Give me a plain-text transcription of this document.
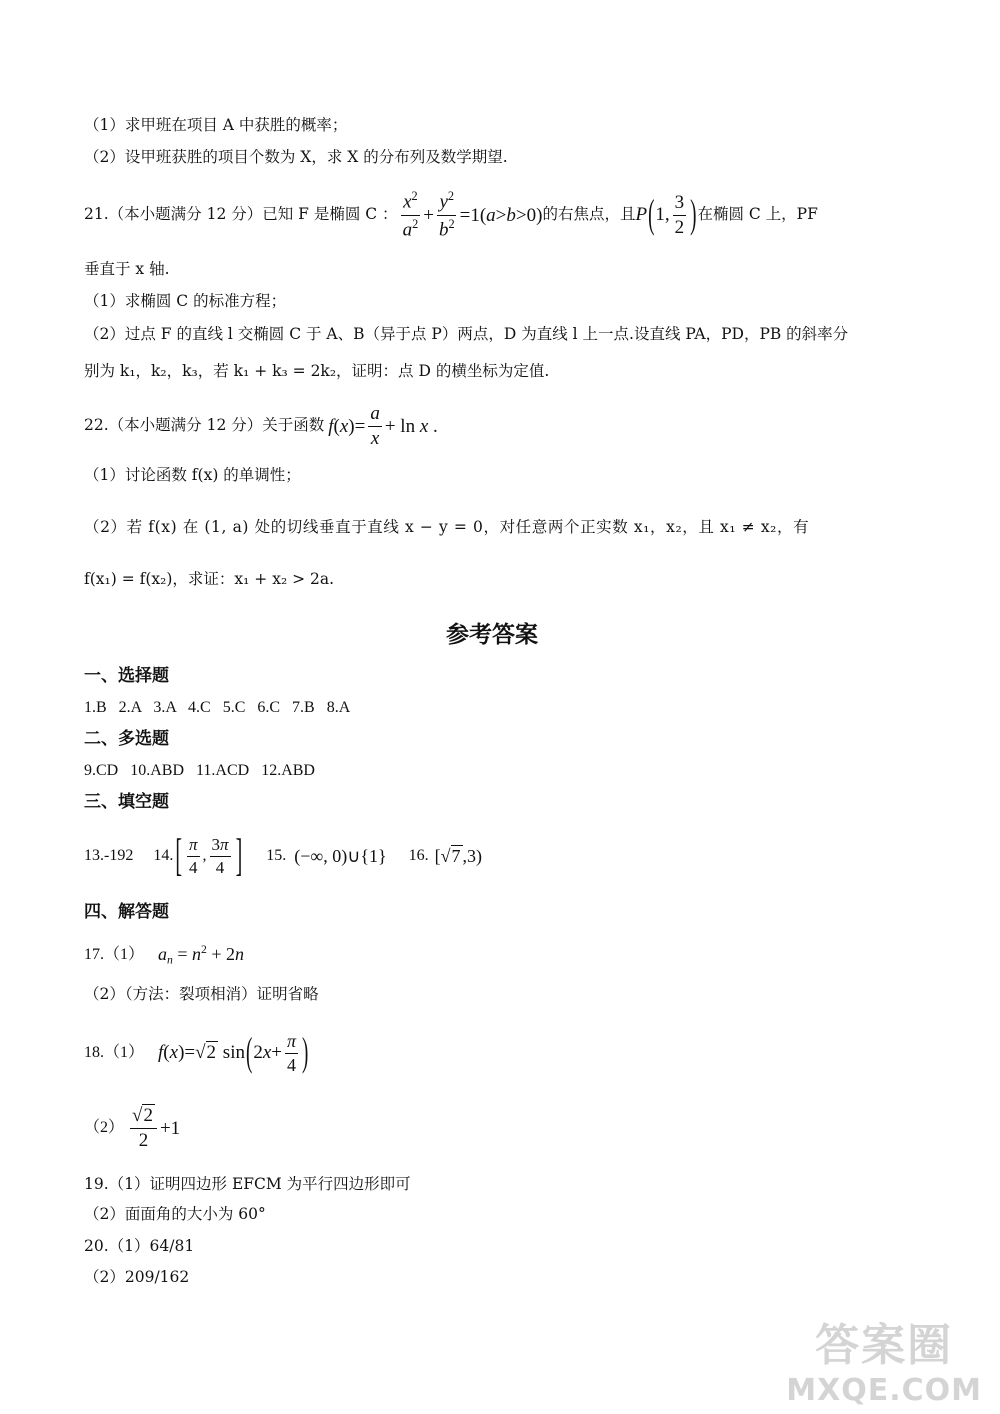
（1）求甲班在项目 A 中获胜的概率；
（2）设甲班获胜的项目个数为 X，求 X 的分布列及数学期望.
21.（本小题满分 12 分）已知 F 是椭圆 C ： $\frac{x^2}{a^2} + \frac{y^2}{b^2} =1(a>b>0)$ 的右焦点，且 P(1, $\frac{3}{2}$ ) 在椭圆 C 上，PF
垂直于 x 轴.
（1）求椭圆 C 的标准方程；
（2）过点 F 的直线 l 交椭圆 C 于 A、B（异于点 P）两点，D 为直线 l 上一点.设直线 PA，PD，PB 的斜率分
别为 k₁，k₂，k₃，若 k₁ + k₃ = 2k₂，证明：点 D 的横坐标为定值.
22.（本小题满分 12 分）关于函数 $f(x)= \frac{a}{x} + \ln x$ .
（1）讨论函数 f(x) 的单调性；
（2）若 f(x) 在 (1, a) 处的切线垂直于直线 x − y = 0，对任意两个正实数 x₁，x₂，且 x₁ ≠ x₂，有
f(x₁) = f(x₂)，求证：x₁ + x₂ > 2a.
参考答案
一、选择题
1.B   2.A   3.A   4.C   5.C   6.C   7.B   8.A
二、多选题
9.CD   10.ABD   11.ACD   12.ABD
三、填空题
13.-192 14. [ $\frac{\pi}{4}$ , $\frac{3\pi}{4}$ ] 15. (−∞, 0)∪{1} 16. [√7 ,3)
四、解答题
17.（1） $a_n = n^2 + 2n$
（2）（方法：裂项相消）证明省略
18.（1） f(x)=√2 $\sin(2x+ \frac{\pi}{4}$ )
$(2) \frac{√2}{2} +1$
19.（1）证明四边形 EFCM 为平行四边形即可
（2）面面角的大小为 60°
20.（1）64/81
（2）209/162
答案圈
MXQE.COM
